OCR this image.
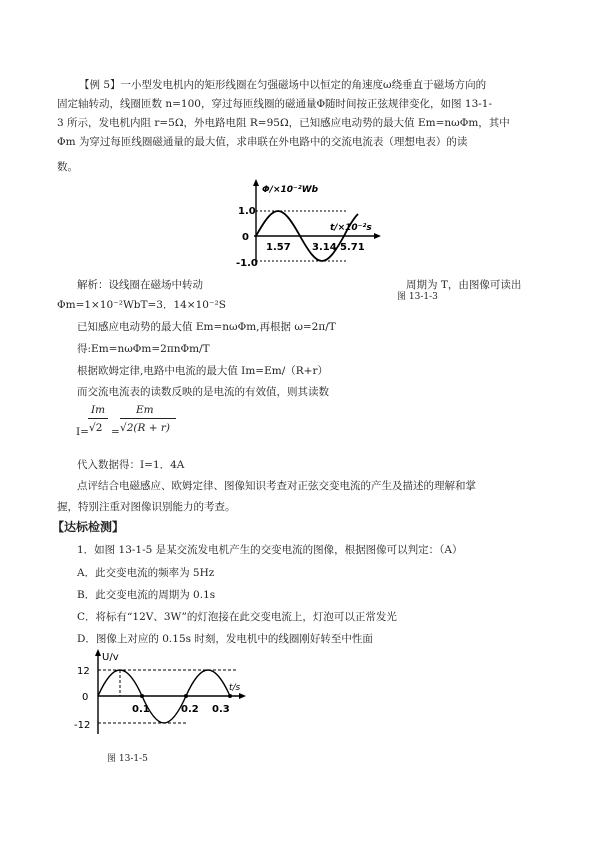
【例 5】一小型发电机内的矩形线圈在匀强磁场中以恒定的角速度ω绕垂直于磁场方向的
固定轴转动，线圈匝数 n=100，穿过每匝线圈的磁通量Φ随时间按正弦规律变化，如图 13-1-
3 所示，发电机内阻 r=5Ω，外电路电阻 R=95Ω，已知感应电动势的最大值 Em=nωΦm，其中
Φm 为穿过每匝线圈磁通量的最大值，求串联在外电路中的交流电流表（理想电表）的读
数。
Φ/×10⁻²Wb
t/×10⁻²s
1.0
0
-1.0
1.57 3.14 5.71
解析：设线圈在磁场中转动	周期为 T，由图像可读出
Φm=1×10⁻²WbT=3．14×10⁻²S
图 13-1-3
已知感应电动势的最大值 Em=nωΦm,再根据 ω=2π/T
得:Em=nωΦm=2πnΦm/T
根据欧姆定律,电路中电流的最大值 Im=Em/（R+r）
而交流电流表的读数反映的是电流的有效值，则其读数
Im
I= √2 =
Em
√2(R + r)
代入数据得：I=1．4A
点评结合电磁感应、欧姆定律、图像知识考查对正弦交变电流的产生及描述的理解和掌
握，特别注重对图像识别能力的考查。
【达标检测】
1．如图 13-1-5 是某交流发电机产生的交变电流的图像，根据图像可以判定：（A）
A．此交变电流的频率为 5Hz
B．此交变电流的周期为 0.1s
C．将标有“12V、3W”的灯泡接在此交变电流上，灯泡可以正常发光
D．图像上对应的 0.15s 时刻，发电机中的线圈刚好转至中性面
U/v
t/s
12
0
-12
0.1	0.2 0.3
图 13-1-5
